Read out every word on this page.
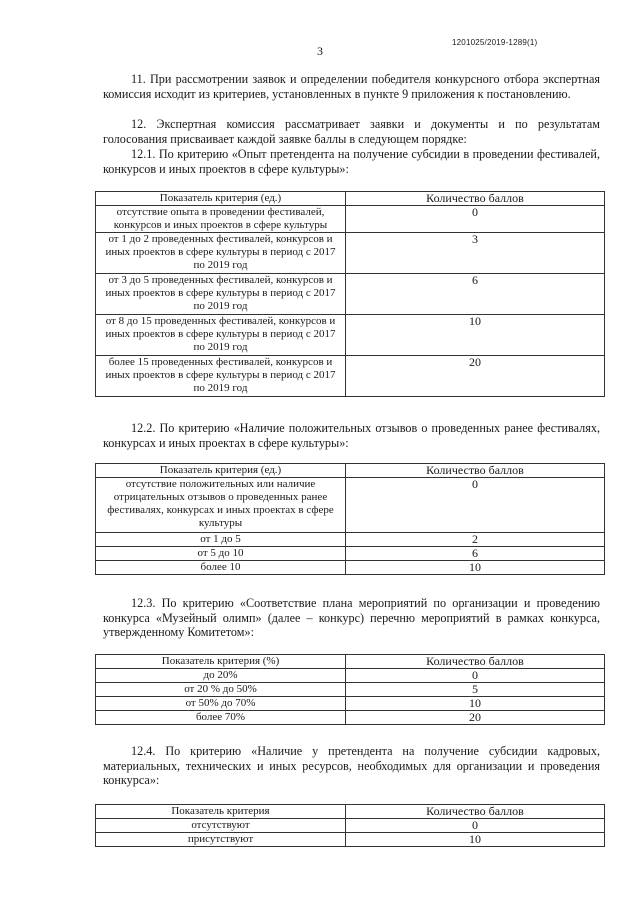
1201025/2019-1289(1)
3

11. При рассмотрении заявок и определении победителя конкурсного отбора экспертная комиссия исходит из критериев, установленных в пункте 9 приложения к постановлению.

12. Экспертная комиссия рассматривает заявки и документы и по результатам голосования присваивает каждой заявке баллы в следующем порядке:

12.1. По критерию «Опыт претендента на получение субсидии в проведении фестивалей, конкурсов и иных проектов в сфере культуры»:

Показатель критерия (ед.)	Количество баллов
отсутствие опыта в проведении фестивалей, конкурсов и иных проектов в сфере культуры	0
от 1 до 2 проведенных фестивалей, конкурсов и иных проектов в сфере культуры в период с 2017 по 2019 год	3
от 3 до 5 проведенных фестивалей, конкурсов и иных проектов в сфере культуры в период с 2017 по 2019 год	6
от 8 до 15 проведенных фестивалей, конкурсов и иных проектов в сфере культуры в период с 2017 по 2019 год	10
более 15 проведенных фестивалей, конкурсов и иных проектов в сфере культуры в период с 2017 по 2019 год	20

12.2. По критерию «Наличие положительных отзывов о проведенных ранее фестивалях, конкурсах и иных проектах в сфере культуры»:

Показатель критерия (ед.)	Количество баллов
отсутствие положительных или наличие отрицательных отзывов о проведенных ранее фестивалях, конкурсах и иных проектах в сфере культуры	0
от 1 до 5	2
от 5 до 10	6
более 10	10

12.3. По критерию «Соответствие плана мероприятий по организации и проведению конкурса «Музейный олимп» (далее – конкурс) перечню мероприятий в рамках конкурса, утвержденному Комитетом»:

Показатель критерия (%)	Количество баллов
до 20%	0
от 20 % до 50%	5
от 50% до 70%	10
более 70%	20

12.4. По критерию «Наличие у претендента на получение субсидии кадровых, материальных, технических и иных ресурсов, необходимых для организации и проведения конкурса»:

Показатель критерия	Количество баллов
отсутствуют	0
присутствуют	10
